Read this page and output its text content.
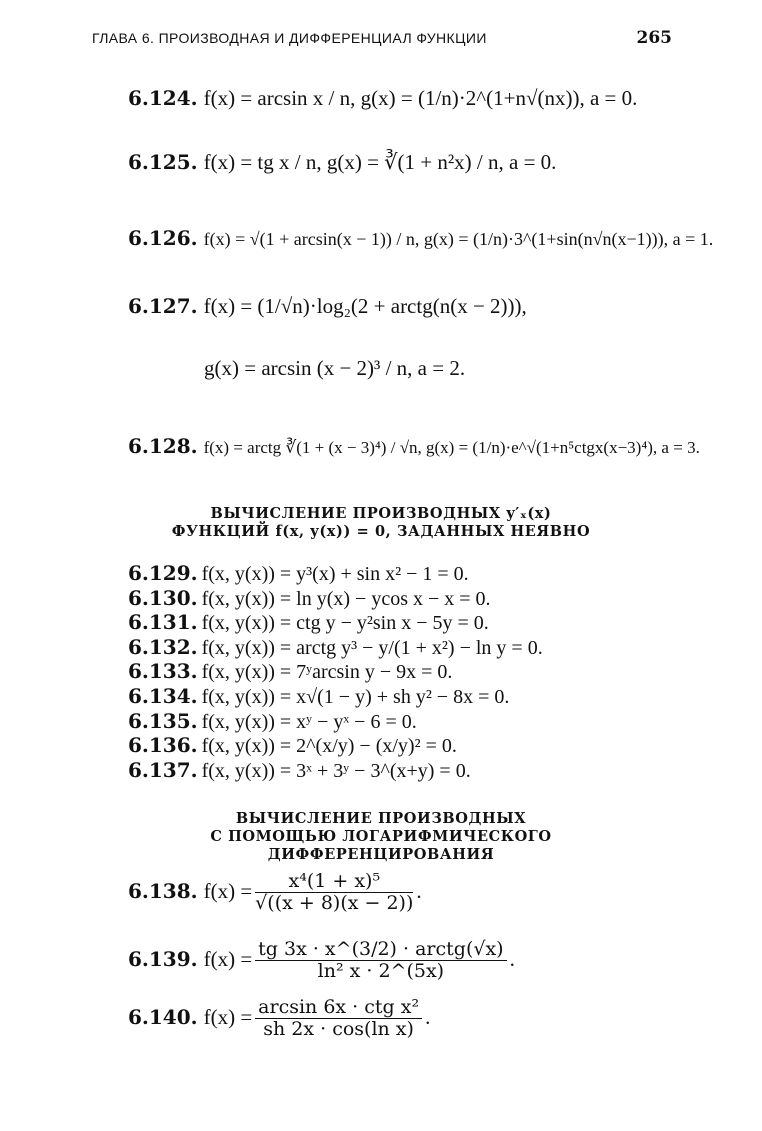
ГЛАВА 6. ПРОИЗВОДНАЯ И ДИФФЕРЕНЦИАЛ ФУНКЦИИ	265
6.124. f(x) = arcsin x / n, g(x) = (1/n)·2^(1+n√(nx)), a = 0.
6.125. f(x) = tg x / n, g(x) = ∛(1 + n²x) / n, a = 0.
6.126. f(x) = √(1 + arcsin(x − 1)) / n, g(x) = (1/n)·3^(1+sin(n√n(x−1))), a = 1.
6.127. f(x) = (1/√n)·log₂(2 + arctg(n(x − 2))),
g(x) = arcsin (x − 2)³ / n, a = 2.
6.128. f(x) = arctg ∛(1 + (x − 3)⁴) / √n, g(x) = (1/n)·e^√(1+n⁵ctgx(x−3)⁴), a = 3.
ВЫЧИСЛЕНИЕ ПРОИЗВОДНЫХ y′ₓ(x)
ФУНКЦИЙ f(x, y(x)) = 0, ЗАДАННЫХ НЕЯВНО
6.129. f(x, y(x)) = y³(x) + sin x² − 1 = 0.
6.130. f(x, y(x)) = ln y(x) − ycos x − x = 0.
6.131. f(x, y(x)) = ctg y − y²sin x − 5y = 0.
6.132. f(x, y(x)) = arctg y³ − y/(1 + x²) − ln y = 0.
6.133. f(x, y(x)) = 7ʸarcsin y − 9x = 0.
6.134. f(x, y(x)) = x√(1 − y) + sh y² − 8x = 0.
6.135. f(x, y(x)) = xʸ − yˣ − 6 = 0.
6.136. f(x, y(x)) = 2^(x/y) − (x/y)² = 0.
6.137. f(x, y(x)) = 3ˣ + 3ʸ − 3^(x+y) = 0.
ВЫЧИСЛЕНИЕ ПРОИЗВОДНЫХ
С ПОМОЩЬЮ ЛОГАРИФМИЧЕСКОГО
ДИФФЕРЕНЦИРОВАНИЯ
6.138. $f(x) = \frac{\text{x⁴(1 + x)⁵}}{√((x + 8)(x - 2))}$ .
6.139. $f(x) = \frac{\text{tg 3x · x\textasciicircum{}(3/2) · arctg(√x)}}{\text{ln² x · 2\textasciicircum{}(5x)}}$ .
6.140. $f(x) = \frac{\text{arcsin 6x · ctg x²}}{\text{sh 2x · cos(ln x)}}$ .
